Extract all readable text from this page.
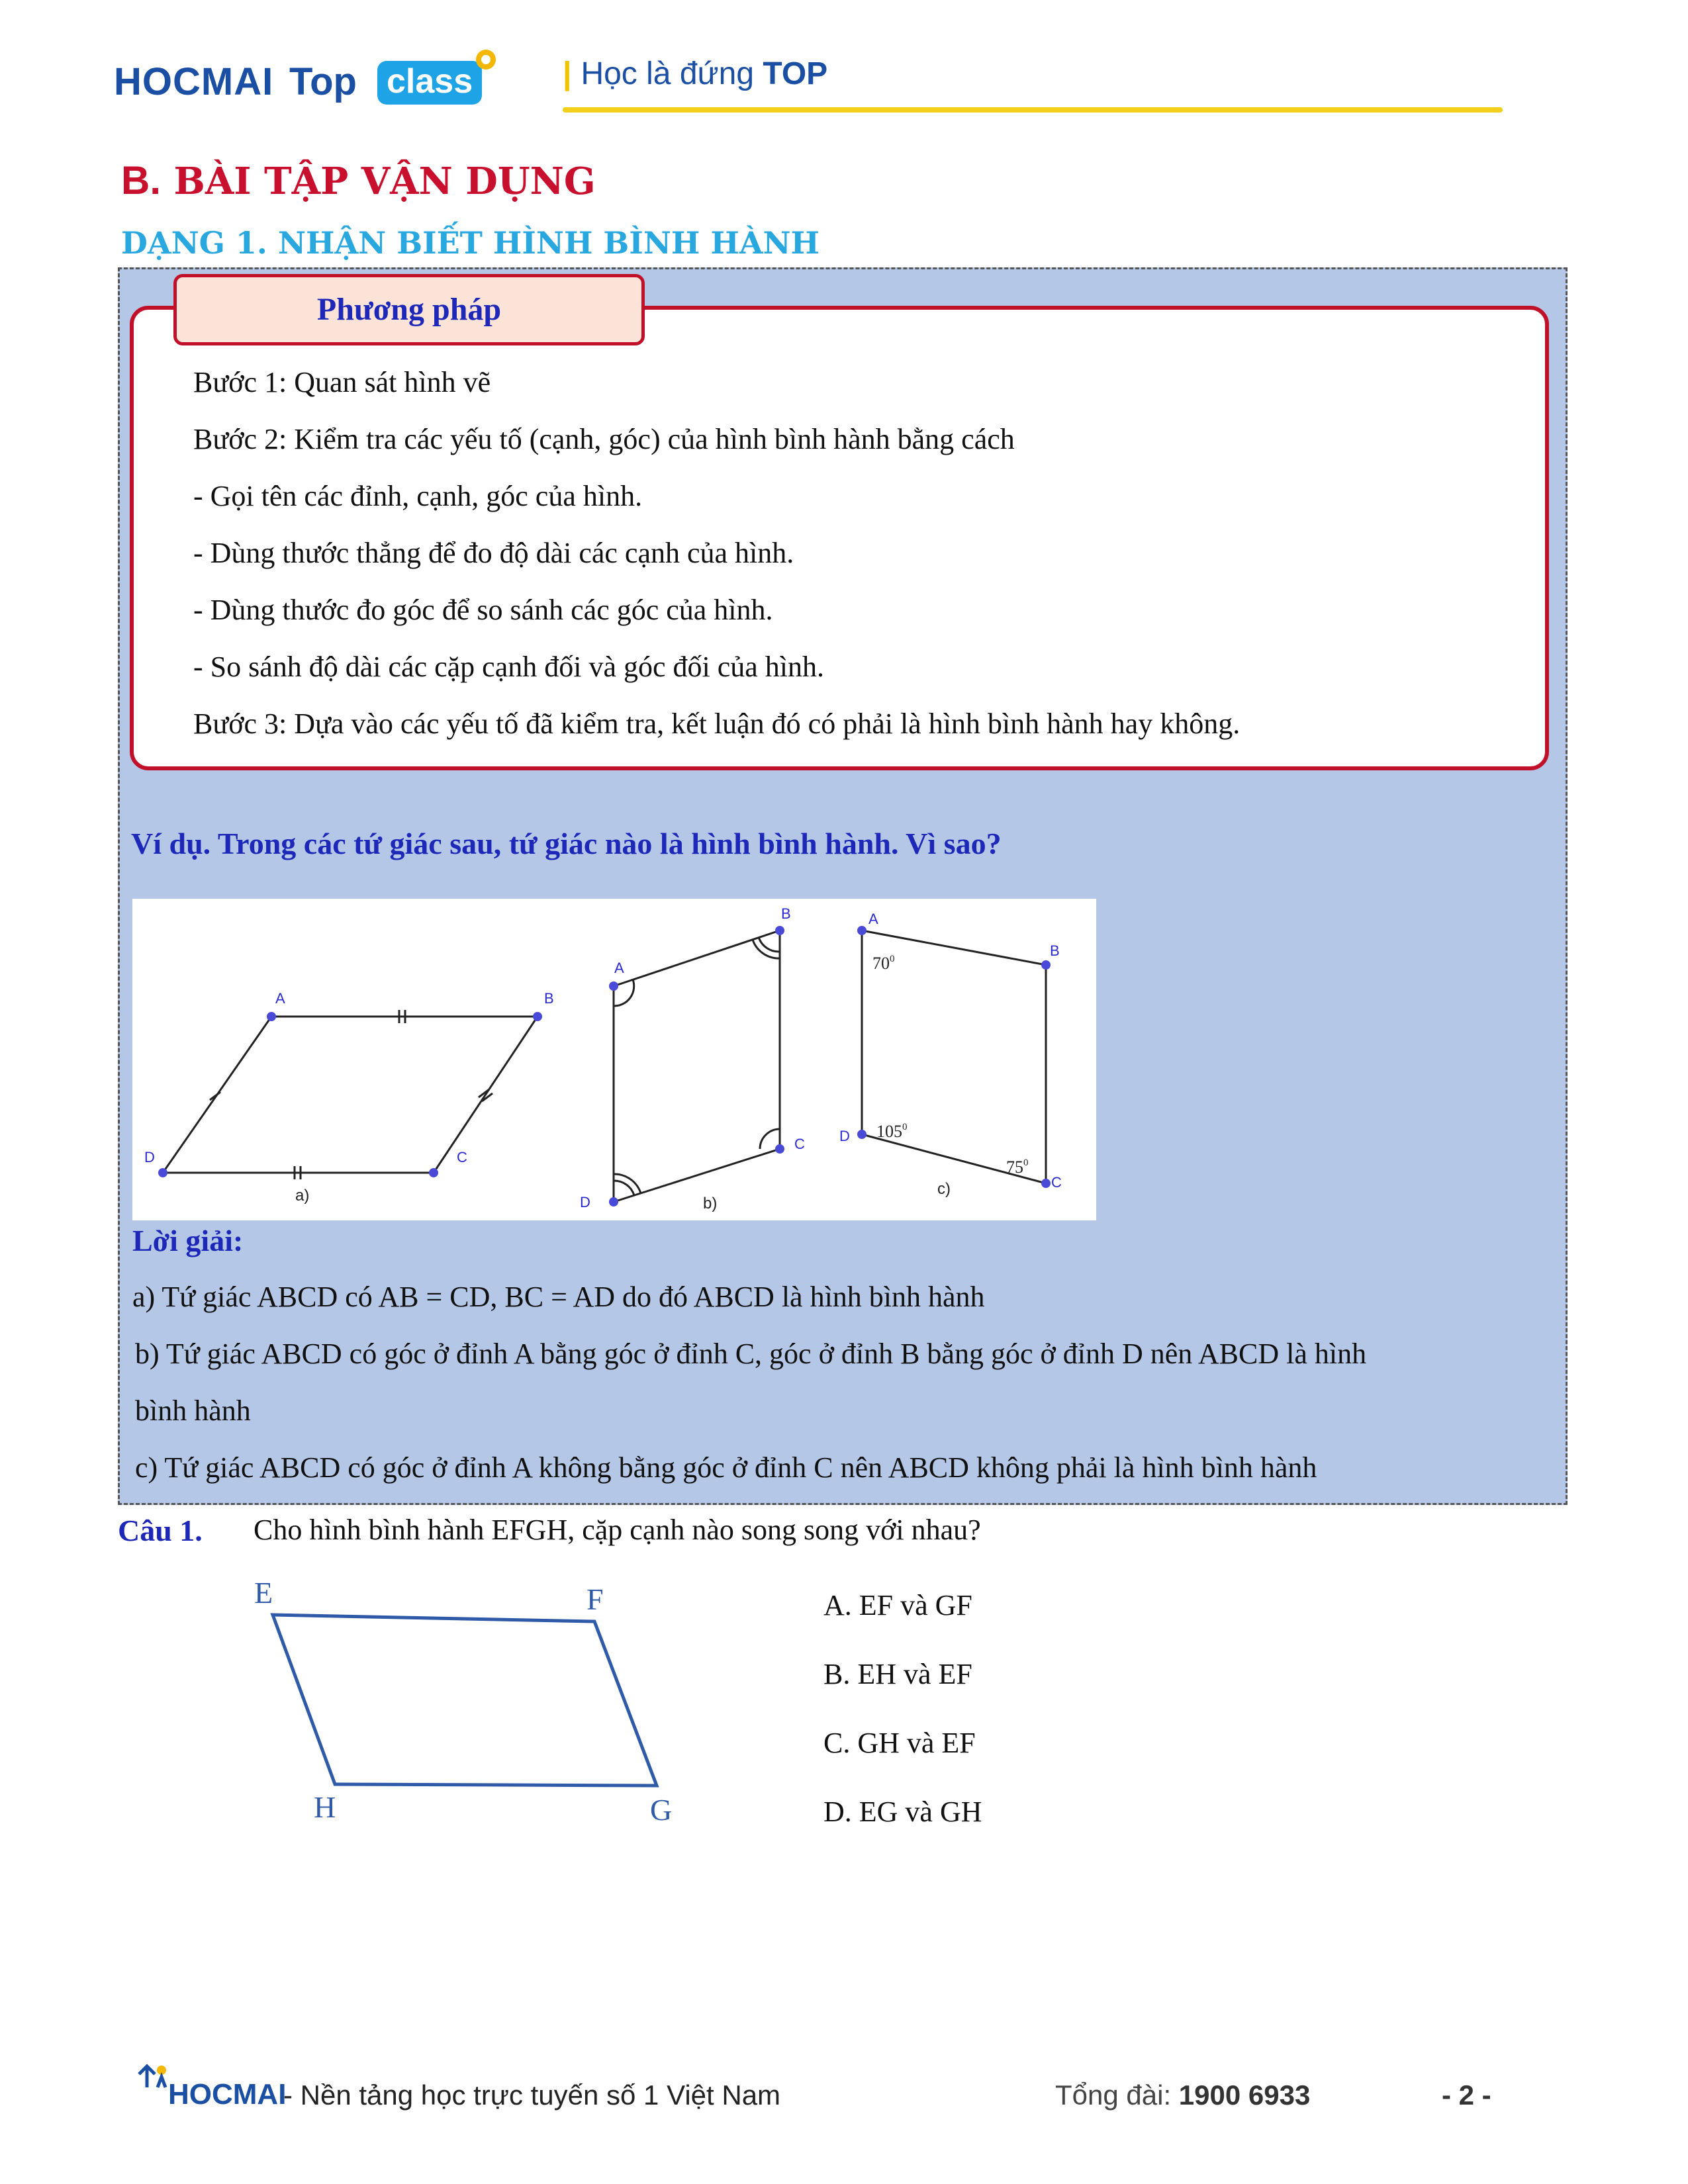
HOCMAI Top class	| Học là đứng TOP
B. BÀI TẬP VẬN DỤNG
DẠNG 1. NHẬN BIẾT HÌNH BÌNH HÀNH
Phương pháp
Bước 1: Quan sát hình vẽ
Bước 2: Kiểm tra các yếu tố (cạnh, góc) của hình bình hành bằng cách
- Gọi tên các đỉnh, cạnh, góc của hình.
- Dùng thước thẳng để đo độ dài các cạnh của hình.
- Dùng thước đo góc để so sánh các góc của hình.
- So sánh độ dài các cặp cạnh đối và góc đối của hình.
Bước 3: Dựa vào các yếu tố đã kiểm tra, kết luận đó có phải là hình bình hành hay không.
Ví dụ. Trong các tứ giác sau, tứ giác nào là hình bình hành. Vì sao?
A	B
C
D
a)
A
B
C
D	b)
A
B
C
D
$70^0$
$105^0$
$75^0$
c)
Lời giải:
a) Tứ giác ABCD có AB = CD, BC = AD do đó ABCD là hình bình hành
b) Tứ giác ABCD có góc ở đỉnh A bằng góc ở đỉnh C, góc ở đỉnh B bằng góc ở đỉnh D nên ABCD là hình
bình hành
c) Tứ giác ABCD có góc ở đỉnh A không bằng góc ở đỉnh C nên ABCD không phải là hình bình hành
Câu 1. Cho hình bình hành EFGH, cặp cạnh nào song song với nhau?
E	F
G
H
A. EF và GF
B. EH và EF
C. GH và EF
D. EG và GH
HOCMAI
- Nền tảng học trực tuyến số 1 Việt Nam	Tổng đài: 1900 6933	- 2 -
